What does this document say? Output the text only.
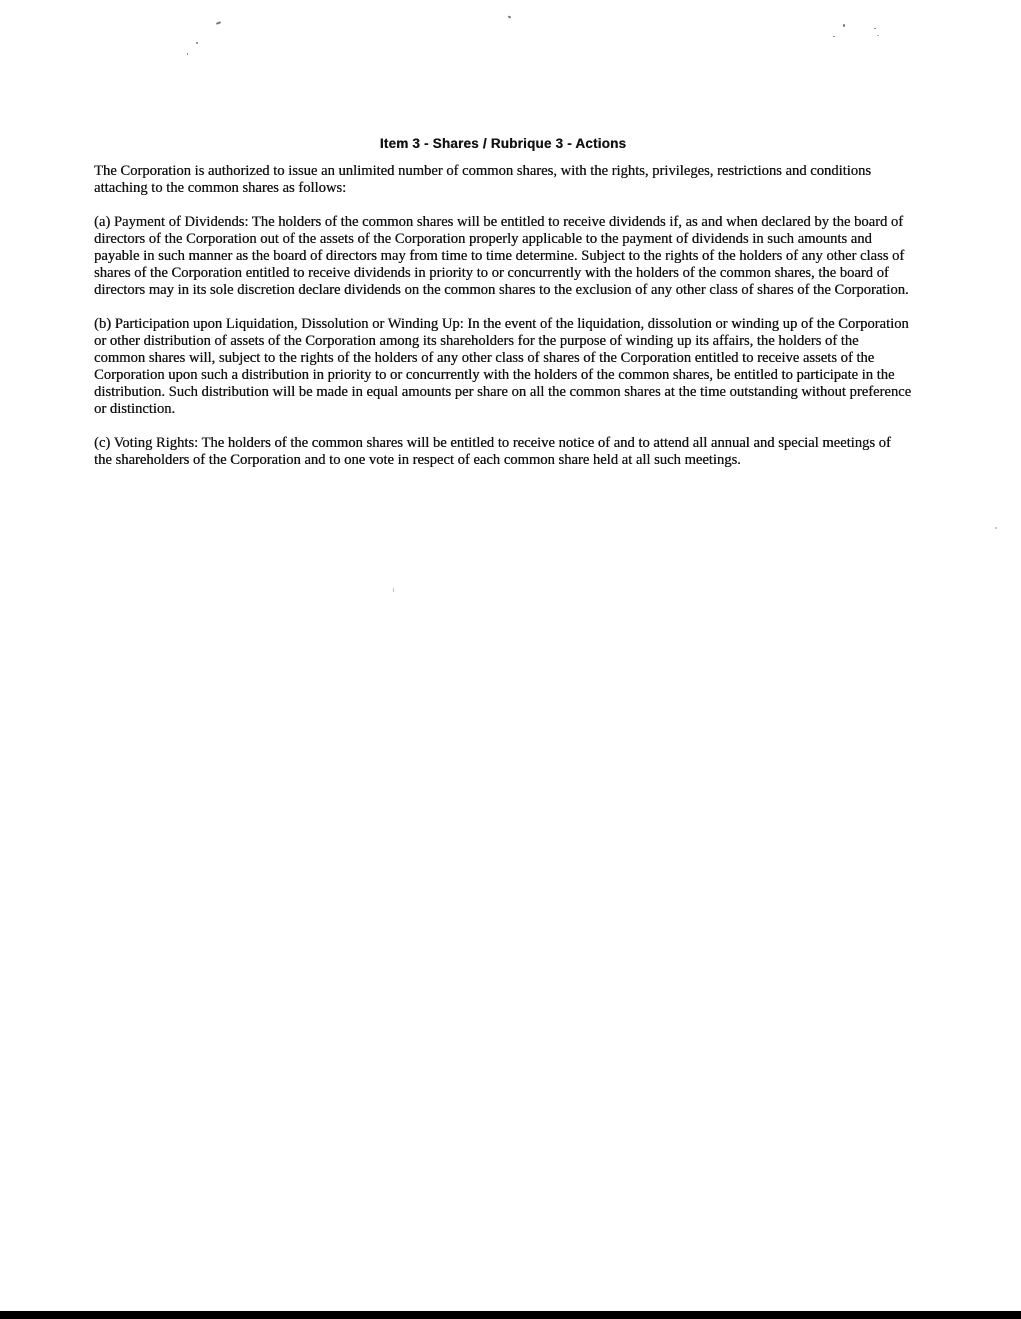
Item 3 - Shares / Rubrique 3 - Actions

The Corporation is authorized to issue an unlimited number of common shares, with the rights, privileges, restrictions and conditions attaching to the common shares as follows:

(a) Payment of Dividends: The holders of the common shares will be entitled to receive dividends if, as and when declared by the board of directors of the Corporation out of the assets of the Corporation properly applicable to the payment of dividends in such amounts and payable in such manner as the board of directors may from time to time determine. Subject to the rights of the holders of any other class of shares of the Corporation entitled to receive dividends in priority to or concurrently with the holders of the common shares, the board of directors may in its sole discretion declare dividends on the common shares to the exclusion of any other class of shares of the Corporation.

(b) Participation upon Liquidation, Dissolution or Winding Up: In the event of the liquidation, dissolution or winding up of the Corporation or other distribution of assets of the Corporation among its shareholders for the purpose of winding up its affairs, the holders of the common shares will, subject to the rights of the holders of any other class of shares of the Corporation entitled to receive assets of the Corporation upon such a distribution in priority to or concurrently with the holders of the common shares, be entitled to participate in the distribution. Such distribution will be made in equal amounts per share on all the common shares at the time outstanding without preference or distinction.

(c) Voting Rights: The holders of the common shares will be entitled to receive notice of and to attend all annual and special meetings of the shareholders of the Corporation and to one vote in respect of each common share held at all such meetings.
